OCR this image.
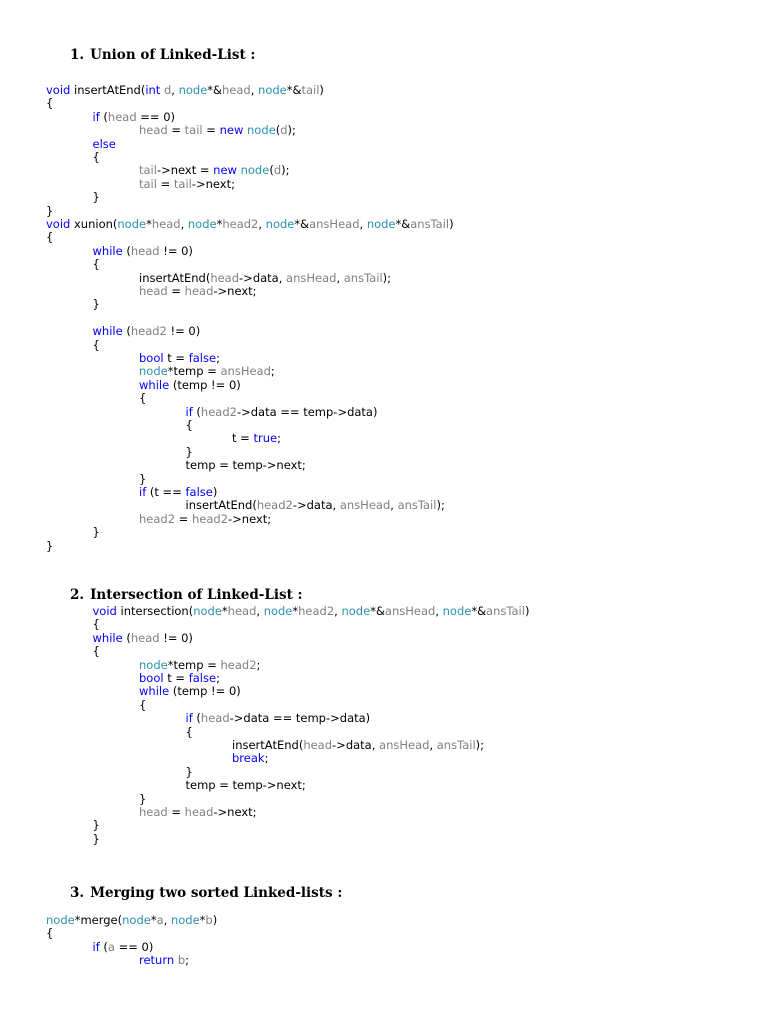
1. Union of Linked-List :
void insertAtEnd(int d, node*&head, node*&tail)
{
if (head == 0)
head = tail = new node(d);
else
{
tail->next = new node(d);
tail = tail->next;
}
}
void xunion(node*head, node*head2, node*&ansHead, node*&ansTail)
{
while (head != 0)
{
insertAtEnd(head->data, ansHead, ansTail);
head = head->next;
}
while (head2 != 0)
{
bool t = false;
node*temp = ansHead;
while (temp != 0)
{
if (head2->data == temp->data)
{
t = true;
}
temp = temp->next;
}
if (t == false)
insertAtEnd(head2->data, ansHead, ansTail);
head2 = head2->next;
}
}
2. Intersection of Linked-List :
void intersection(node*head, node*head2, node*&ansHead, node*&ansTail)
{
while (head != 0)
{
node*temp = head2;
bool t = false;
while (temp != 0)
{
if (head->data == temp->data)
{
insertAtEnd(head->data, ansHead, ansTail);
break;
}
temp = temp->next;
}
head = head->next;
}
}
3. Merging two sorted Linked-lists :
node*merge(node*a, node*b)
{
if (a == 0)
return b;
